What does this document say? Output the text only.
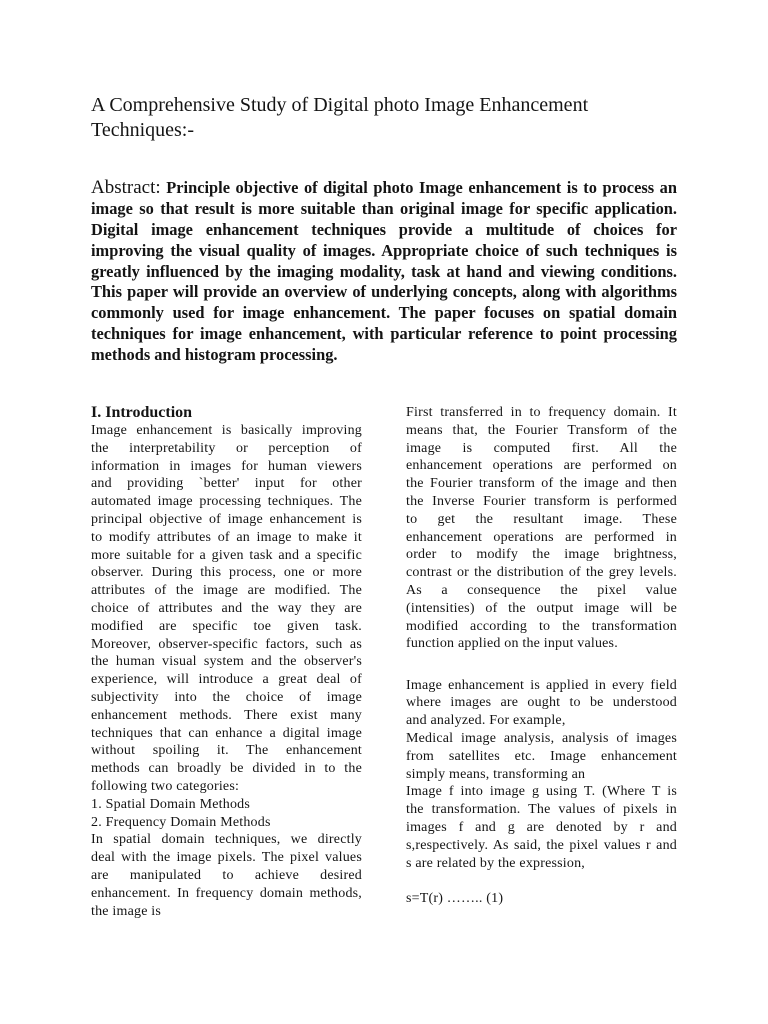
A Comprehensive Study of Digital photo Image Enhancement Techniques:-
Abstract: Principle objective of digital photo Image enhancement is to process an
image so that result is more suitable than original image for specific application.
Digital image enhancement techniques provide a multitude of choices for
improving the visual quality of images. Appropriate choice of such techniques is
greatly influenced by the imaging modality, task at hand and viewing conditions.
This paper will provide an overview of underlying concepts, along with algorithms
commonly used for image enhancement. The paper focuses on spatial domain
techniques for image enhancement, with particular reference to point processing
methods and histogram processing.
I. Introduction
Image enhancement is basically improving
the interpretability or perception of
information in images for human viewers
and providing `better' input for other
automated image processing techniques. The
principal objective of image enhancement is
to modify attributes of an image to make it
more suitable for a given task and a specific
observer. During this process, one or more
attributes of the image are modified. The
choice of attributes and the way they are
modified are specific toe given task.
Moreover, observer-specific factors, such as
the human visual system and the observer's
experience, will introduce a great deal of
subjectivity into the choice of image
enhancement methods. There exist many
techniques that can enhance a digital image
without spoiling it. The enhancement
methods can broadly be divided in to the
following two categories:
1. Spatial Domain Methods
2. Frequency Domain Methods
In spatial domain techniques, we directly
deal with the image pixels. The pixel values
are manipulated to achieve desired
enhancement. In frequency domain methods,
the image is
First transferred in to frequency domain. It
means that, the Fourier Transform of the
image is computed first. All the
enhancement operations are performed on
the Fourier transform of the image and then
the Inverse Fourier transform is performed
to get the resultant image. These
enhancement operations are performed in
order to modify the image brightness,
contrast or the distribution of the grey levels.
As a consequence the pixel value
(intensities) of the output image will be
modified according to the transformation
function applied on the input values.
Image enhancement is applied in every field
where images are ought to be understood
and analyzed. For example,
Medical image analysis, analysis of images
from satellites etc. Image enhancement
simply means, transforming an
Image f into image g using T. (Where T is
the transformation. The values of pixels in
images f and g are denoted by r and
s,respectively. As said, the pixel values r and
s are related by the expression,
s=T(r) …….. (1)
